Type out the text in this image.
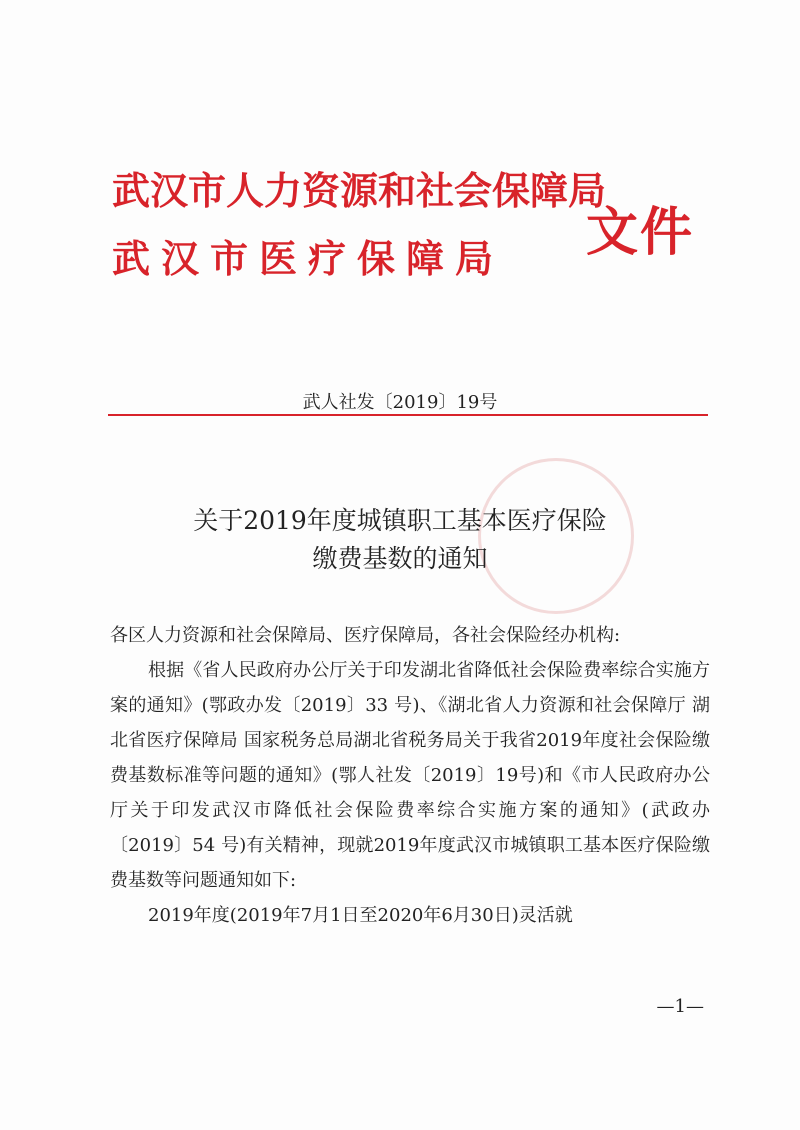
武汉市人力资源和社会保障局
武汉市医疗保障局 文件
武人社发〔2019〕19号
关于2019年度城镇职工基本医疗保险
缴费基数的通知

各区人力资源和社会保障局、医疗保障局，各社会保险经办机构:

根据《省人民政府办公厅关于印发湖北省降低社会保险费率综合实施方案的通知》(鄂政办发〔2019〕33 号)、《湖北省人力资源和社会保障厅 湖北省医疗保障局 国家税务总局湖北省税务局关于我省2019年度社会保险缴费基数标准等问题的通知》(鄂人社发〔2019〕19号)和《市人民政府办公厅关于印发武汉市降低社会保险费率综合实施方案的通知》(武政办〔2019〕54 号)有关精神，现就2019年度武汉市城镇职工基本医疗保险缴费基数等问题通知如下:

2019年度(2019年7月1日至2020年6月30日)灵活就

—1—
